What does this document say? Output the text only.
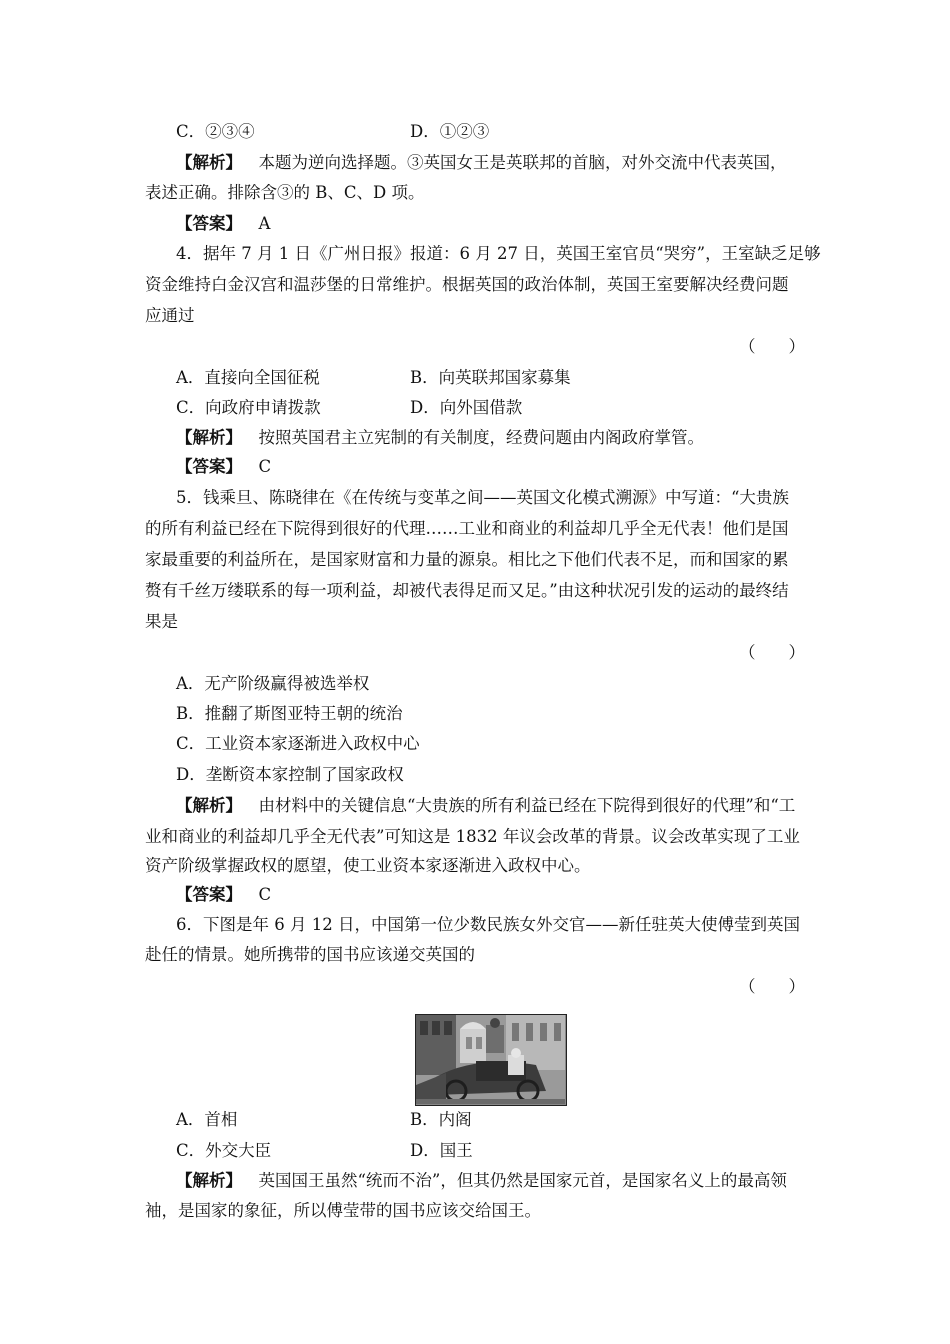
C．②③④	D．①②③
【解析】  本题为逆向选择题。③英国女王是英联邦的首脑，对外交流中代表英国，
表述正确。排除含③的 B、C、D 项。
【答案】  A
4．据年 7 月 1 日《广州日报》报道：6 月 27 日，英国王室官员“哭穷”，王室缺乏足够
资金维持白金汉宫和温莎堡的日常维护。根据英国的政治体制，英国王室要解决经费问题
应通过
（　　）
A．直接向全国征税	B．向英联邦国家募集
C．向政府申请拨款	D．向外国借款
【解析】  按照英国君主立宪制的有关制度，经费问题由内阁政府掌管。
【答案】  C
5．钱乘旦、陈晓律在《在传统与变革之间——英国文化模式溯源》中写道：“大贵族
的所有利益已经在下院得到很好的代理……工业和商业的利益却几乎全无代表！他们是国
家最重要的利益所在，是国家财富和力量的源泉。相比之下他们代表不足，而和国家的累
赘有千丝万缕联系的每一项利益，却被代表得足而又足。”由这种状况引发的运动的最终结
果是
（　　）
A．无产阶级赢得被选举权
B．推翻了斯图亚特王朝的统治
C．工业资本家逐渐进入政权中心
D．垄断资本家控制了国家政权
【解析】  由材料中的关键信息“大贵族的所有利益已经在下院得到很好的代理”和“工
业和商业的利益却几乎全无代表”可知这是 1832 年议会改革的背景。议会改革实现了工业
资产阶级掌握政权的愿望，使工业资本家逐渐进入政权中心。
【答案】  C
6．下图是年 6 月 12 日，中国第一位少数民族女外交官——新任驻英大使傅莹到英国
赴任的情景。她所携带的国书应该递交英国的
（　　）
A．首相	B．内阁
C．外交大臣	D．国王
【解析】  英国国王虽然“统而不治”，但其仍然是国家元首，是国家名义上的最高领
袖，是国家的象征，所以傅莹带的国书应该交给国王。
